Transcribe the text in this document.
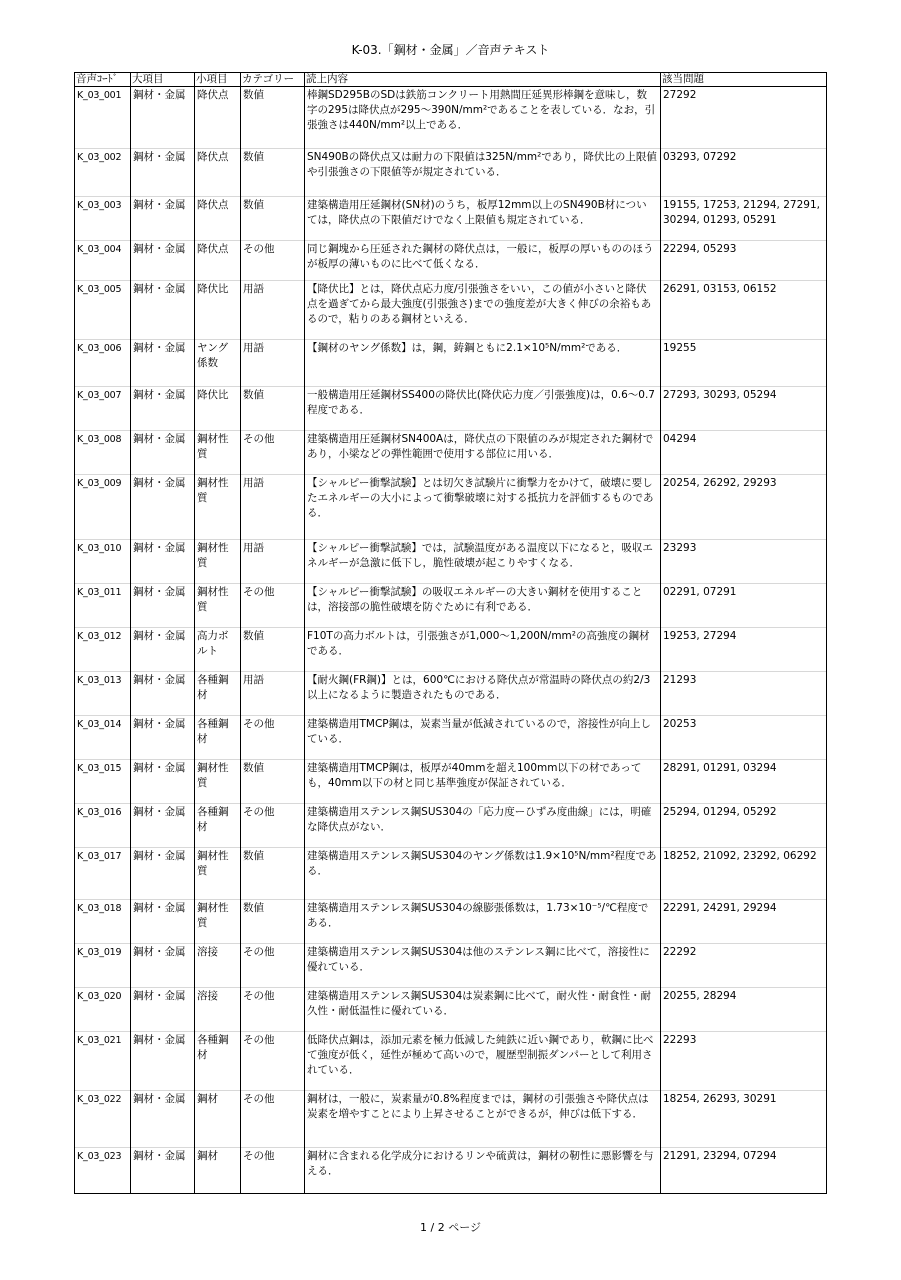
K-03.「鋼材・金属」／音声テキスト
音声ｺｰﾄﾞ	大項目	小項目	カテゴリー	読上内容	該当問題
K_03_001	鋼材・金属	降伏点	数値	棒鋼SD295BのSDは鉄筋コンクリート用熱間圧延異形棒鋼を意味し，数字の295は降伏点が295～390N/mm²であることを表している．なお，引張強さは440N/mm²以上である．	27292
K_03_002	鋼材・金属	降伏点	数値	SN490Bの降伏点又は耐力の下限値は325N/mm²であり，降伏比の上限値や引張強さの下限値等が規定されている．	03293, 07292
K_03_003	鋼材・金属	降伏点	数値	建築構造用圧延鋼材(SN材)のうち，板厚12mm以上のSN490B材については，降伏点の下限値だけでなく上限値も規定されている．	19155, 17253, 21294, 27291, 30294, 01293, 05291
K_03_004	鋼材・金属	降伏点	その他	同じ鋼塊から圧延された鋼材の降伏点は，一般に，板厚の厚いもののほうが板厚の薄いものに比べて低くなる．	22294, 05293
K_03_005	鋼材・金属	降伏比	用語	【降伏比】とは，降伏点応力度/引張強さをいい，この値が小さいと降伏点を過ぎてから最大強度(引張強さ)までの強度差が大きく伸びの余裕もあるので，粘りのある鋼材といえる．	26291, 03153, 06152
K_03_006	鋼材・金属	ヤング係数	用語	【鋼材のヤング係数】は，鋼，鋳鋼ともに2.1×10⁵N/mm²である．	19255
K_03_007	鋼材・金属	降伏比	数値	一般構造用圧延鋼材SS400の降伏比(降伏応力度／引張強度)は，0.6～0.7程度である．	27293, 30293, 05294
K_03_008	鋼材・金属	鋼材性質	その他	建築構造用圧延鋼材SN400Aは，降伏点の下限値のみが規定された鋼材であり，小梁などの弾性範囲で使用する部位に用いる．	04294
K_03_009	鋼材・金属	鋼材性質	用語	【シャルピー衝撃試験】とは切欠き試験片に衝撃力をかけて，破壊に要したエネルギーの大小によって衝撃破壊に対する抵抗力を評価するものである．	20254, 26292, 29293
K_03_010	鋼材・金属	鋼材性質	用語	【シャルピー衝撃試験】では，試験温度がある温度以下になると，吸収エネルギーが急激に低下し，脆性破壊が起こりやすくなる．	23293
K_03_011	鋼材・金属	鋼材性質	その他	【シャルピー衝撃試験】の吸収エネルギーの大きい鋼材を使用することは，溶接部の脆性破壊を防ぐために有利である．	02291, 07291
K_03_012	鋼材・金属	高力ボルト	数値	F10Tの高力ボルトは，引張強さが1,000～1,200N/mm²の高強度の鋼材である．	19253, 27294
K_03_013	鋼材・金属	各種鋼材	用語	【耐火鋼(FR鋼)】とは，600℃における降伏点が常温時の降伏点の約2/3以上になるように製造されたものである．	21293
K_03_014	鋼材・金属	各種鋼材	その他	建築構造用TMCP鋼は，炭素当量が低減されているので，溶接性が向上している．	20253
K_03_015	鋼材・金属	鋼材性質	数値	建築構造用TMCP鋼は，板厚が40mmを超え100mm以下の材であっても，40mm以下の材と同じ基準強度が保証されている．	28291, 01291, 03294
K_03_016	鋼材・金属	各種鋼材	その他	建築構造用ステンレス鋼SUS304の「応力度ーひずみ度曲線」には，明確な降伏点がない．	25294, 01294, 05292
K_03_017	鋼材・金属	鋼材性質	数値	建築構造用ステンレス鋼SUS304のヤング係数は1.9×10⁵N/mm²程度である．	18252, 21092, 23292, 06292
K_03_018	鋼材・金属	鋼材性質	数値	建築構造用ステンレス鋼SUS304の線膨張係数は，1.73×10⁻⁵/℃程度である．	22291, 24291, 29294
K_03_019	鋼材・金属	溶接	その他	建築構造用ステンレス鋼SUS304は他のステンレス鋼に比べて，溶接性に優れている．	22292
K_03_020	鋼材・金属	溶接	その他	建築構造用ステンレス鋼SUS304は炭素鋼に比べて，耐火性・耐食性・耐久性・耐低温性に優れている．	20255, 28294
K_03_021	鋼材・金属	各種鋼材	その他	低降伏点鋼は，添加元素を極力低減した純鉄に近い鋼であり，軟鋼に比べて強度が低く，延性が極めて高いので，履歴型制振ダンパーとして利用されている．	22293
K_03_022	鋼材・金属	鋼材	その他	鋼材は，一般に，炭素量が0.8%程度までは，鋼材の引張強さや降伏点は炭素を増やすことにより上昇させることができるが，伸びは低下する．	18254, 26293, 30291
K_03_023	鋼材・金属	鋼材	その他	鋼材に含まれる化学成分におけるリンや硫黄は，鋼材の靭性に悪影響を与える．	21291, 23294, 07294
1 / 2 ページ
